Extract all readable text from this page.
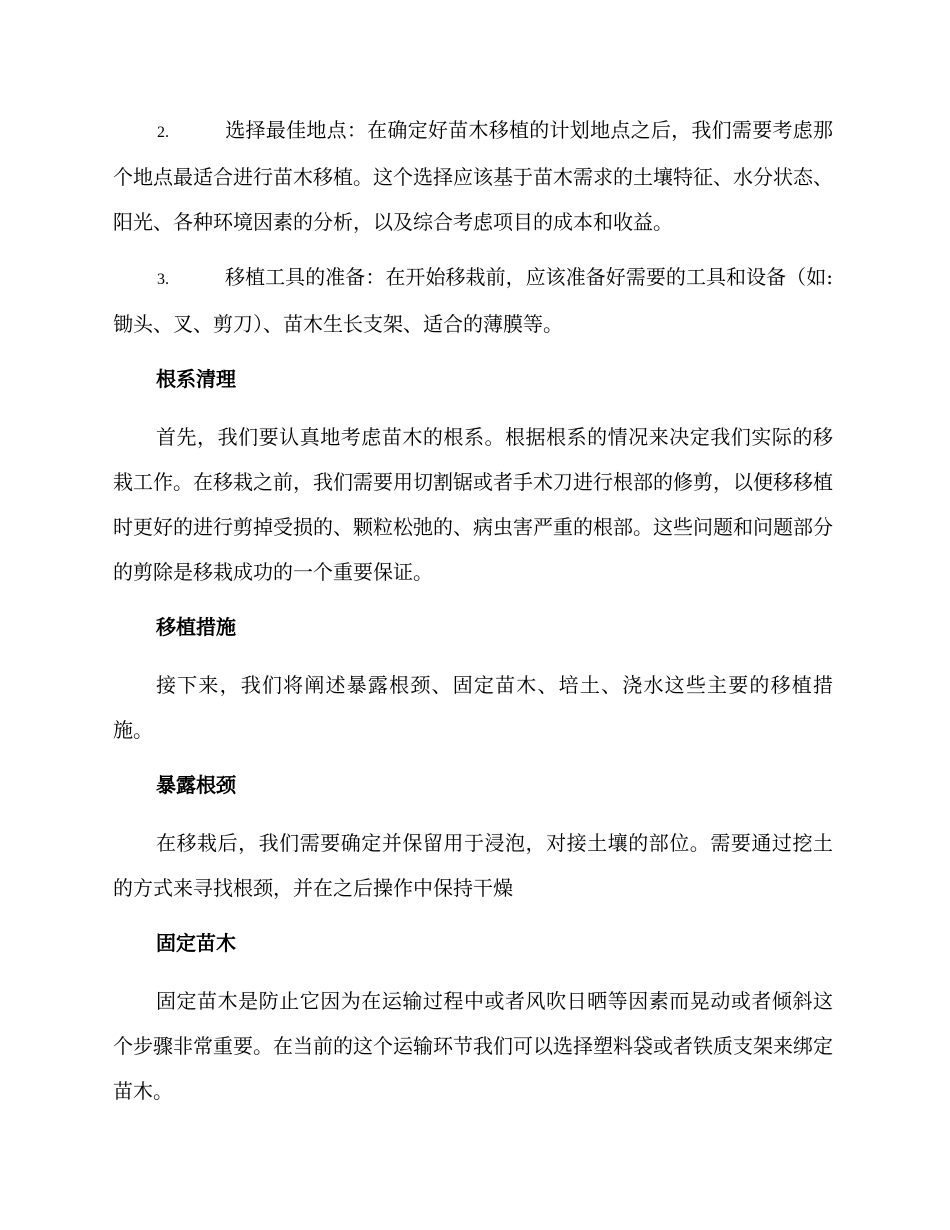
2.	选择最佳地点：在确定好苗木移植的计划地点之后，我们需要考虑那个地点最适合进行苗木移植。这个选择应该基于苗木需求的土壤特征、水分状态、阳光、各种环境因素的分析，以及综合考虑项目的成本和收益。

3.	移植工具的准备：在开始移栽前，应该准备好需要的工具和设备（如:锄头、叉、剪刀）、苗木生长支架、适合的薄膜等。

根系清理

首先，我们要认真地考虑苗木的根系。根据根系的情况来决定我们实际的移栽工作。在移栽之前，我们需要用切割锯或者手术刀进行根部的修剪，以便移移植时更好的进行剪掉受损的、颗粒松弛的、病虫害严重的根部。这些问题和问题部分的剪除是移栽成功的一个重要保证。

移植措施

接下来，我们将阐述暴露根颈、固定苗木、培土、浇水这些主要的移植措施。

暴露根颈

在移栽后，我们需要确定并保留用于浸泡，对接土壤的部位。需要通过挖土的方式来寻找根颈，并在之后操作中保持干燥

固定苗木

固定苗木是防止它因为在运输过程中或者风吹日晒等因素而晃动或者倾斜这个步骤非常重要。在当前的这个运输环节我们可以选择塑料袋或者铁质支架来绑定苗木。
